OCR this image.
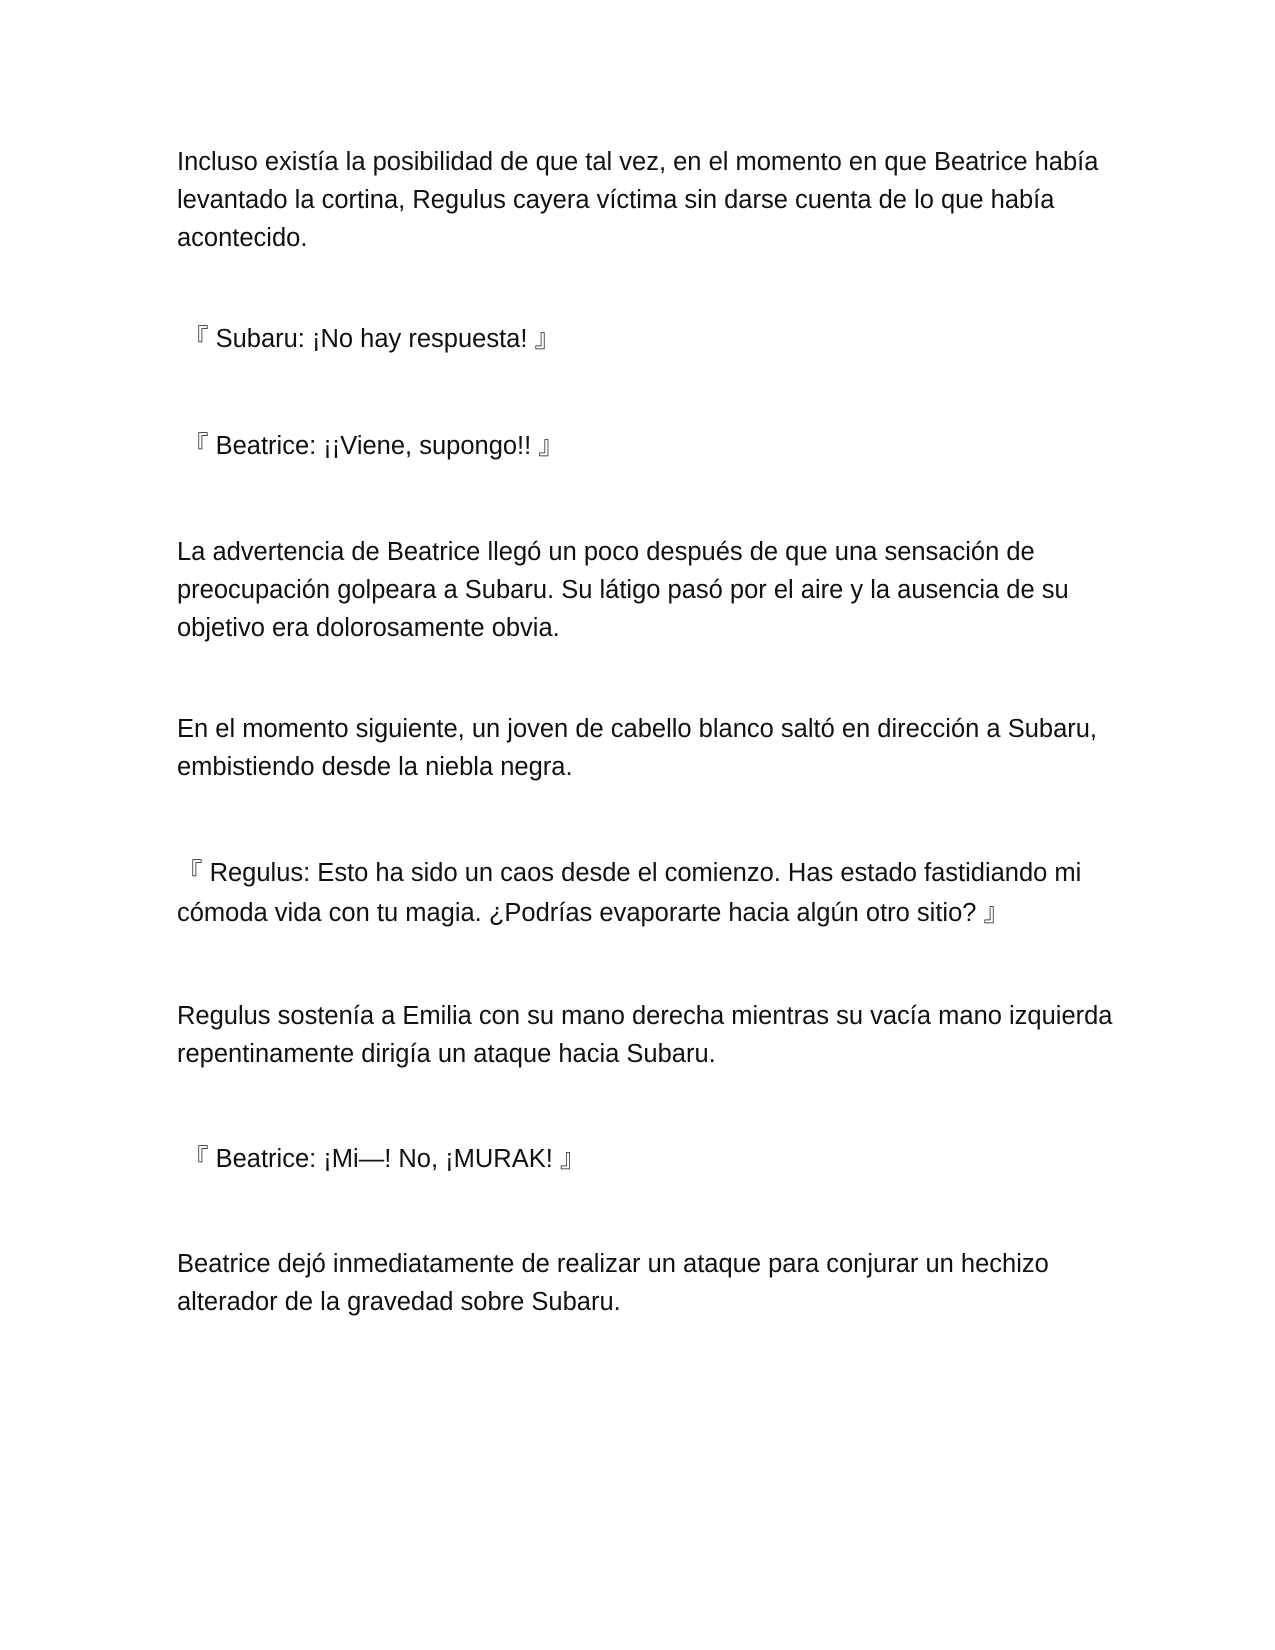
Incluso existía la posibilidad de que tal vez, en el momento en que Beatrice había levantado la cortina, Regulus cayera víctima sin darse cuenta de lo que había acontecido.

『 Subaru: ¡No hay respuesta! 』

『 Beatrice: ¡¡Viene, supongo!! 』

La advertencia de Beatrice llegó un poco después de que una sensación de preocupación golpeara a Subaru. Su látigo pasó por el aire y la ausencia de su objetivo era dolorosamente obvia.

En el momento siguiente, un joven de cabello blanco saltó en dirección a Subaru, embistiendo desde la niebla negra.

『 Regulus: Esto ha sido un caos desde el comienzo. Has estado fastidiando mi cómoda vida con tu magia. ¿Podrías evaporarte hacia algún otro sitio? 』

Regulus sostenía a Emilia con su mano derecha mientras su vacía mano izquierda repentinamente dirigía un ataque hacia Subaru.

『 Beatrice: ¡Mi—! No, ¡MURAK! 』

Beatrice dejó inmediatamente de realizar un ataque para conjurar un hechizo alterador de la gravedad sobre Subaru.
